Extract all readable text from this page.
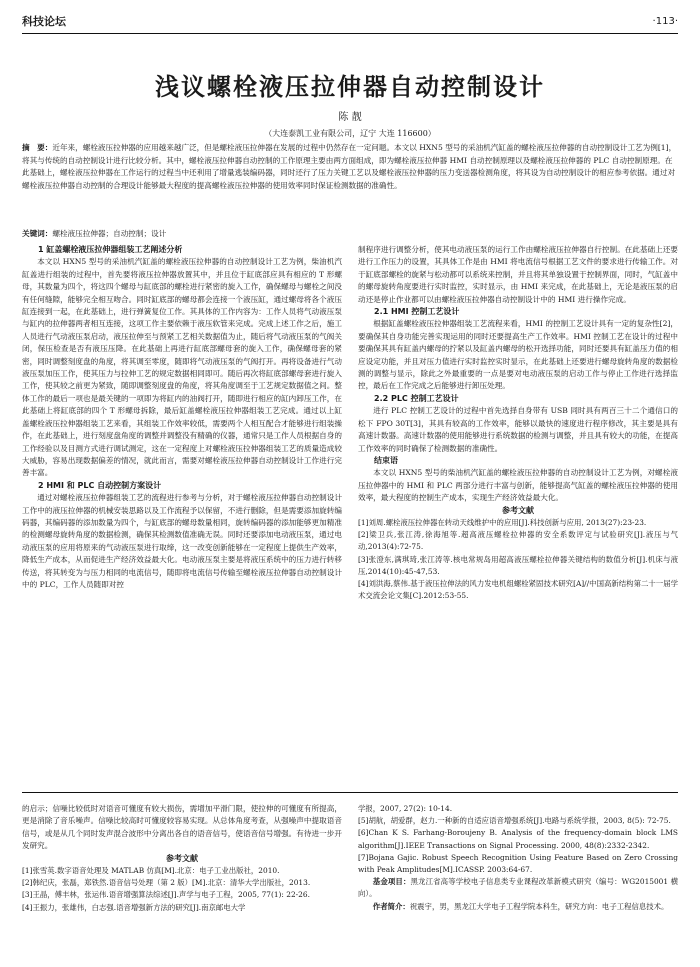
科技论坛	·113·
浅议螺栓液压拉伸器自动控制设计
陈 靓
（大连泰凯工业有限公司，辽宁 大连 116600）
摘　要：近年来，螺栓液压拉伸器的应用越来越广泛，但是螺栓液压拉伸器在发展的过程中仍然存在一定问题。本文以 HXN5 型号的采油机汽缸盖的螺栓液压拉伸器的自动控制设计工艺为例[1]，将其与传统的自动控制设计进行比较分析。其中，螺栓液压拉伸器自动控制的工作原理主要由两方面组成，即为螺栓液压拉伸器 HMI 自动控制原理以及螺栓液压拉伸器的 PLC 自动控制原理。在此基础上，螺栓液压拉伸器在工作运行的过程当中还利用了增量逃装编码器，同时还行了压力关键工艺以及螺栓液压拉伸器的压力变送器检测角度，将其设为自动控制设计的相应参考依据。通过对螺栓液压拉伸器自动控制的合理设计能够最大程度的提高螺栓液压拉伸器的使用效率同时保证检测数据的准确性。
关键词：螺栓液压拉伸器；自动控制；设计
1 缸盖螺栓液压拉伸器组装工艺阐述分析

本文以 HXN5 型号的采油机汽缸盖的螺栓液压拉伸器的自动控制设计工艺为例，柴油机汽缸盖进行组装的过程中，首先要将液压拉伸器放置其中，并且位于缸底部应具有相应的 T 形螺母，其数量为四个，将这四个螺母与缸底部的螺栓进行紧密的旋入工作，确保螺母与螺栓之间没有任何缝隙，能够完全相互吻合。同时缸底部的螺母都会连接一个液压缸，通过螺母将各个液压缸连接到一起，在此基础上，进行弹簧复位工作。其具体的工作内容为：工作人员将气动液压泵与缸内的拉伸器两者相互连接，这项工作主要依赖于液压软管来完成。完成上述工作之后，施工人员进行气动液压泵启动，液压拉伸至与预紧工艺相关数据值为止，随后将气动液压泵的气阀关闭，保压检查是否有液压压降。在此基础上再进行缸底部螺母套的旋入工作，确保螺母套的紧密，同时调整刻度盘的角度，将其调至零度，随即将气动液压泵的气阀打开。再将设备进行气动液压泵加压工作，使其压力与拉伸工艺的规定数据相同即可。随后再次将缸底部螺母套进行旋入工作，使其较之前更为紧致，随即调整刻度盘的角度，将其角度调至于工艺规定数据值之间。整体工作的最后一项也是最关键的一项即为将缸内的油阀打开，随即进行相应的缸内卸压工作，在此基础上将缸底部的四个 T 形螺母拆除，最后缸盖螺栓液压拉伸器组装工艺完成。通过以上缸盖螺栓液压拉伸器组装工艺来看，其组装工作效率较低，需要两个人相互配合才能够进行组装操作，在此基础上，进行刻度盘角度的调整并调整没有精确的仪器，通常只是工作人员根据自身的工作经验以及目测方式进行调试测定，这在一定程度上对螺栓液压拉伸器组装工艺的质量造成较大威胁，容易出现数据偏差的情况，就此而言，需要对螺栓液压拉伸器自动控制设计工作进行完善丰富。

2 HMI 和 PLC 自动控制方案设计

通过对螺栓液压拉伸器组装工艺的流程进行参考与分析，对于螺栓液压拉伸器自动控制设计工作中的液压拉伸器的机械安装思路以及工作流程予以保留，不进行删除，但是需要添加旋转编码器，其编码器的添加数量为四个，与缸底部的螺母数量相同，旋转编码器的添加能够更加精准的检测螺母旋转角度的数据检测，确保其检测数值准确无误。同时还要添加电动液压泵，通过电动液压泵的应用将原来的气动液压泵进行取缔，这一改变创新能够在一定程度上提供生产效率，降低生产成本，从而促进生产经济效益最大化。电动液压泵主要是将液压系统中的压力进行转移传送，将其转变为与压力相同的电流信号，随即将电流信号传输至螺栓液压拉伸器自动控制设计中的 PLC，工作人员随即对控

制程序进行调整分析，使其电动液压泵的运行工作由螺栓液压拉伸器自行控制。在此基础上还要进行工作压力的设置，其具体工作是由 HMI 将电流信号根据工艺文件的要求进行传输工作。对于缸底部螺栓的旋紧与松动都可以系统来控制，并且将其单独设置于控制界面，同时，气缸盖中的螺母旋转角度要进行实时监控，实时显示，由 HMI 来完成，在此基础上，无论是液压泵的启动还是停止作业都可以由螺栓液压拉伸器自动控制设计中的 HMI 进行操作完成。

2.1 HMI 控制工艺设计

根据缸盖螺栓液压拉伸器组装工艺流程来看，HMI 的控制工艺设计具有一定的复杂性[2]，要确保其自身功能完善实现运用的同时还要提高生产工作效率。HMI 控制工艺在设计的过程中要确保其具有缸盖内螺母的拧紧以及缸盖内螺母的松开选择功能，同时还要具有缸盖压力值的相应设定功能，并且对压力值进行实时监控实时显示，在此基础上还要进行螺母旋转角度的数据检测的调整与显示，除此之外最重要的一点是要对电动液压泵的启动工作与停止工作进行选择监控，最后在工作完成之后能够进行卸压处理。

2.2 PLC 控制工艺设计

进行 PLC 控制工艺设计的过程中首先选择自身带有 USB 同时具有两百三十二个通信口的松下 FPO 30T[3]，其具有较高的工作效率，能够以最快的速度进行程序修改，其主要是具有高速计数器。高速计数器的使用能够进行系统数据的检测与调整，并且具有较大的功能，在提高工作效率的同时确保了检测数据的准确性。

结束语

本文以 HXN5 型号的柴油机汽缸盖的螺栓液压拉伸器的自动控制设计工艺为例，对螺栓液压拉伸器中的 HMI 和 PLC 两部分进行丰富与创新，能够提高气缸盖的螺栓液压拉伸器的使用效率，最大程度的控制生产成本，实现生产经济效益最大化。

参考文献
[1]刘周.螺栓液压拉伸器在转动天线维护中的应用[J].科技创新与应用, 2013(27):23-23.
[2]梁卫兵,张江涛,徐海旭等.超高液压螺栓拉伸器的安全系数评定与试验研究[J].液压与气动,2013(4):72-75.
[3]张澄东,满琪琦,张江涛等.核电常规岛用超高液压螺栓拉伸器关键结构的数值分析[J].机床与液压,2014(10):45-47,53.
[4]刘洪海,蔡伟.基于液压拉伸法的风力发电机组螺栓紧固技术研究[A]//中国高新结构第二十一届学术交流会论文集[C].2012:53-55.

的启示；信噪比较低时对语音可懂度有较大损伤，需增加平滑门限，使拉伸的可懂度有所提高，更是消除了音乐噪声。信噪比较高时可懂度较容易实现。从总体角度考查，从强噪声中提取语音信号，或是从几个同时发声混合波形中分离出各自的语音信号，使语音信号增强。有待进一步开发研究。

参考文献
[1]张雪英.数字语音处理及 MATLAB 仿真[M].北京：电子工业出版社，2010.
[2]韩纪庆，张磊，郑铁然.语音信号处理（第 2 版）[M].北京：清华大学出版社，2013.
[3]王晶，傅丰林，张运伟.语音增强算法综述[J].声学与电子工程，2005, 77(1): 22-26.
[4]王振力，张雄伟，白志强.语音增强新方法的研究[J].南京邮电大学
学报，2007, 27(2): 10-14.
[5]胡航，胡爱群，赵力.一种新的自适应语音增强系统[J].电路与系统学报，2003, 8(5): 72-75.
[6]Chan K S. Farhang-Boroujeny B. Analysis of the frequency-domain block LMS algorithm[J].IEEE Transactions on Signal Processing. 2000, 48(8):2332-2342.
[7]Bojana Gajic. Robust Speech Recognition Using Feature Based on Zero Crossing with Peak Amplitudes[M].ICASSP. 2003:64-67.
基金项目：黑龙江省高等学校电子信息类专业课程改革新模式研究（编号：WG2015001 横向）。
作者简介：祝震宇，男，黑龙江大学电子工程学院本科生，研究方向：电子工程信息技术。
